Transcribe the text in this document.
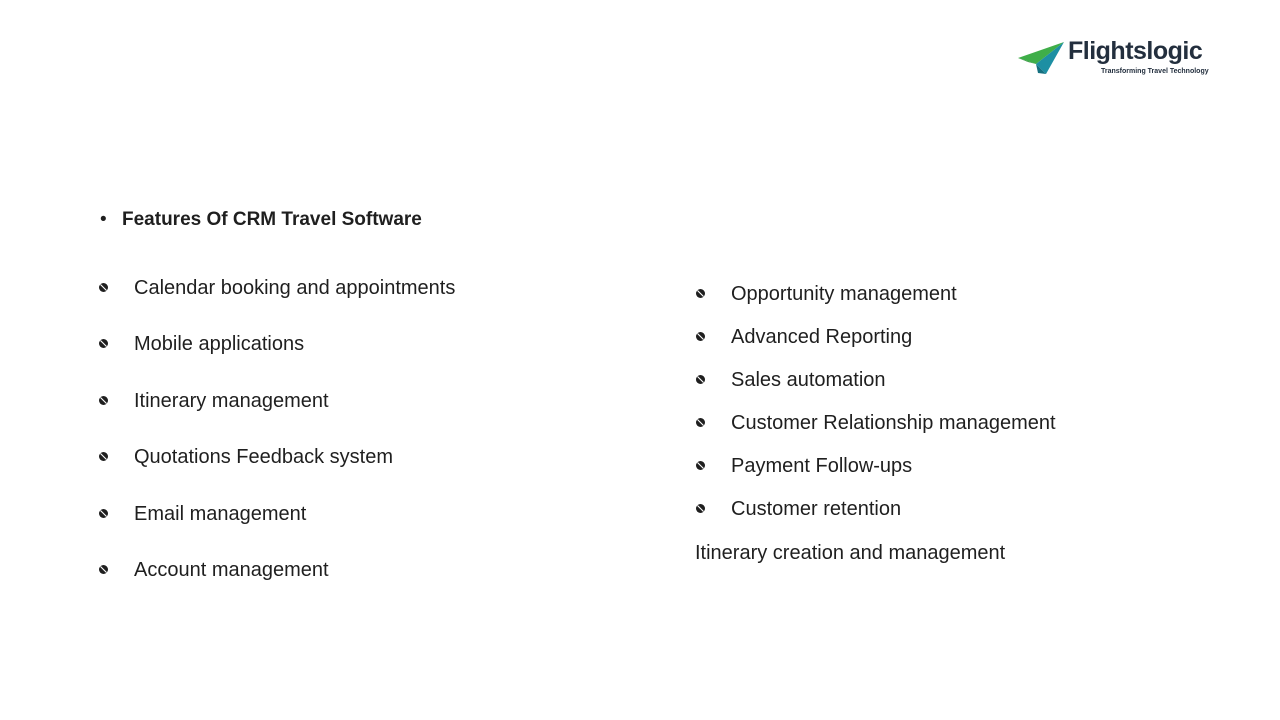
Flightslogic
Transforming Travel Technology
• Features Of CRM Travel Software
Calendar booking and appointments
Mobile applications
Itinerary management
Quotations Feedback system
Email management
Account management
Opportunity management
Advanced Reporting
Sales automation
Customer Relationship management
Payment Follow-ups
Customer retention
Itinerary creation and management
